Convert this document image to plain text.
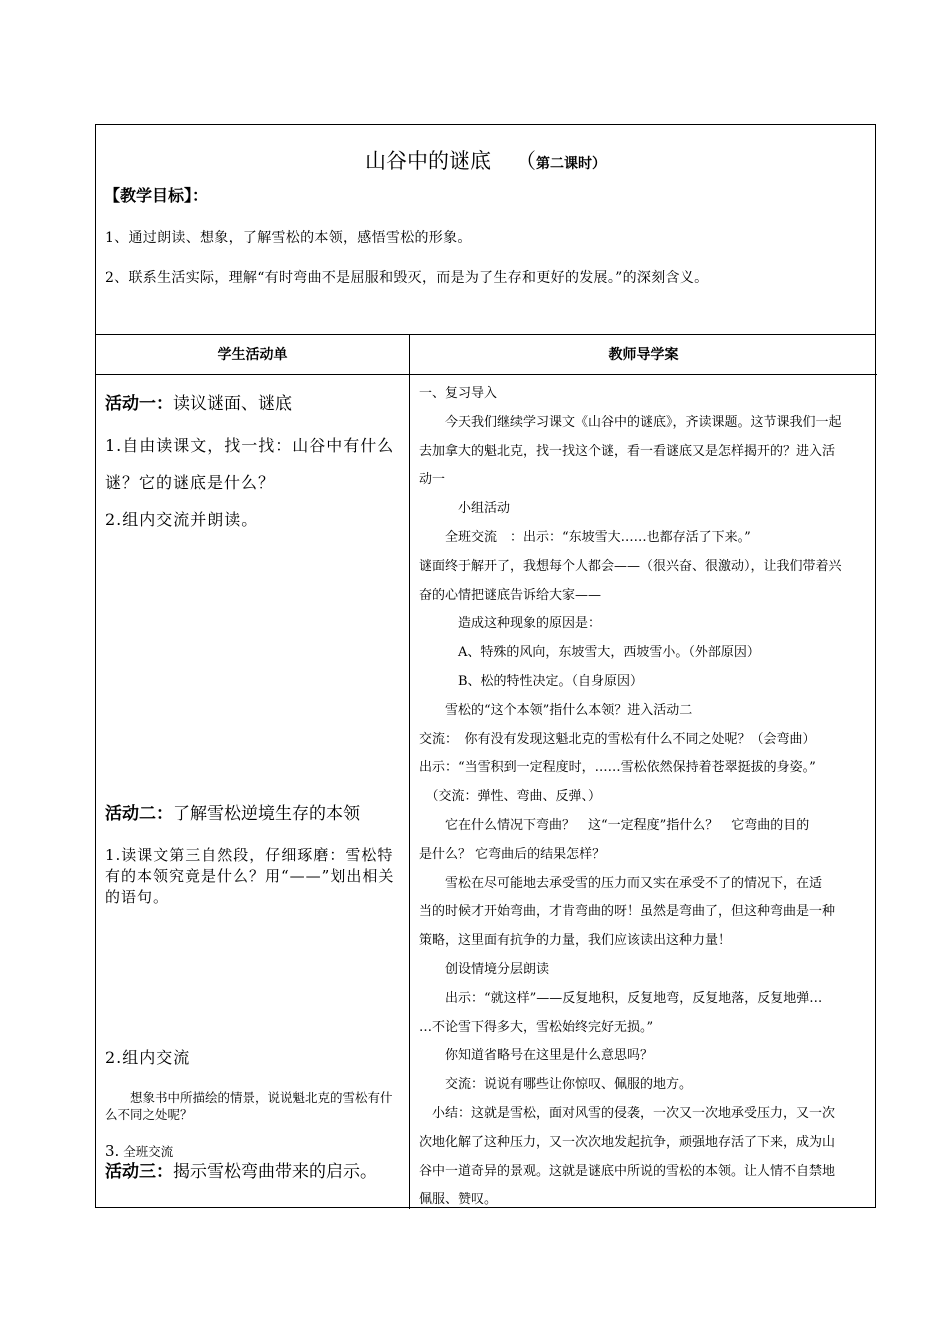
山谷中的谜底 （第二课时）
【教学目标】：
1、通过朗读、想象，了解雪松的本领，感悟雪松的形象。
2、联系生活实际，理解“有时弯曲不是屈服和毁灭，而是为了生存和更好的发展。”的深刻含义。
学生活动单	教师导学案
活动一：读议谜面、谜底
1.自由读课文，找一找：山谷中有什么谜？它的谜底是什么？
2.组内交流并朗读。
活动二：了解雪松逆境生存的本领
1.读课文第三自然段，仔细琢磨：雪松特有的本领究竟是什么？用“——”划出相关的语句。
2.组内交流
想象书中所描绘的情景，说说魁北克的雪松有什么不同之处呢？
3. 全班交流
活动三：揭示雪松弯曲带来的启示。
一、复习导入
　　今天我们继续学习课文《山谷中的谜底》，齐读课题。这节课我们一起
去加拿大的魁北克，找一找这个谜，看一看谜底又是怎样揭开的？进入活
动一
　　　小组活动
　　全班交流　：出示：“东坡雪大……也都存活了下来。”
谜面终于解开了，我想每个人都会——（很兴奋、很激动），让我们带着兴
奋的心情把谜底告诉给大家——
　　　造成这种现象的原因是：
　　　A、特殊的风向，东坡雪大，西坡雪小。（外部原因）
　　　B、松的特性决定。（自身原因）
　　雪松的“这个本领”指什么本领？进入活动二
交流：　你有没有发现这魁北克的雪松有什么不同之处呢？（会弯曲）
出示：“当雪积到一定程度时，……雪松依然保持着苍翠挺拔的身姿。”
　（交流：弹性、弯曲、反弹、）
　　它在什么情况下弯曲？　这“一定程度”指什么？　它弯曲的目的
是什么？ 它弯曲后的结果怎样？
　　雪松在尽可能地去承受雪的压力而又实在承受不了的情况下，在适
当的时候才开始弯曲，才肯弯曲的呀！虽然是弯曲了，但这种弯曲是一种
策略，这里面有抗争的力量，我们应该读出这种力量！
　　创设情境分层朗读
　　出示：“就这样”——反复地积，反复地弯，反复地落，反复地弹…
…不论雪下得多大，雪松始终完好无损。”
　　你知道省略号在这里是什么意思吗？
　　交流：说说有哪些让你惊叹、佩服的地方。
　小结：这就是雪松，面对风雪的侵袭，一次又一次地承受压力，又一次
次地化解了这种压力，又一次次地发起抗争，顽强地存活了下来，成为山
谷中一道奇异的景观。这就是谜底中所说的雪松的本领。让人情不自禁地
佩服、赞叹。
